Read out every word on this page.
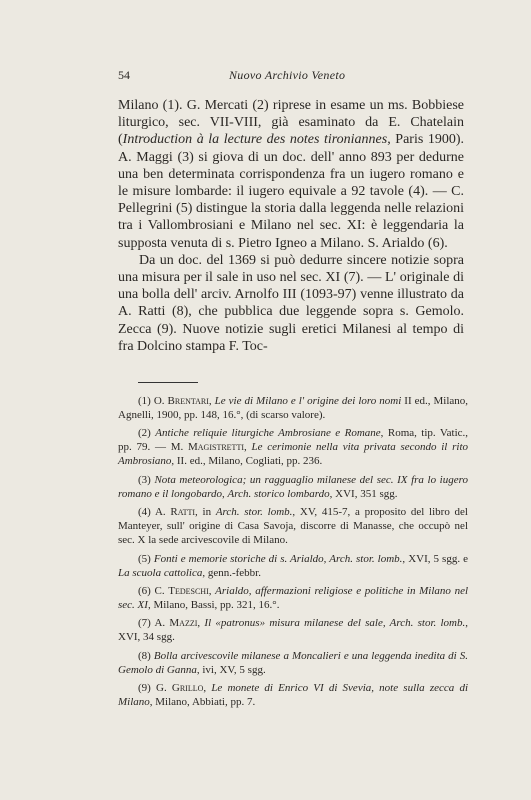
54	Nuovo Archivio Veneto

Milano (1). G. Mercati (2) riprese in esame un ms. Bobbiese liturgico, sec. VII-VIII, già esaminato da E. Chatelain (Introduction à la lecture des notes tironiannes, Paris 1900). A. Maggi (3) si giova di un doc. dell' anno 893 per dedurne una ben determinata corrispondenza fra un iugero romano e le misure lombarde: il iugero equivale a 92 tavole (4). — C. Pellegrini (5) distingue la storia dalla leggenda nelle relazioni tra i Vallombrosiani e Milano nel sec. XI: è leggendaria la supposta venuta di s. Pietro Igneo a Milano. S. Arialdo (6).

Da un doc. del 1369 si può dedurre sincere notizie sopra una misura per il sale in uso nel sec. XI (7). — L' originale di una bolla dell' arciv. Arnolfo III (1093-97) venne illustrato da A. Ratti (8), che pubblica due leggende sopra s. Gemolo. Zecca (9). Nuove notizie sugli eretici Milanesi al tempo di fra Dolcino stampa F. Toc-

(1) O. Brentari, Le vie di Milano e l' origine dei loro nomi II ed., Milano, Agnelli, 1900, pp. 148, 16.°, (di scarso valore).

(2) Antiche reliquie liturgiche Ambrosiane e Romane, Roma, tip. Vatic., pp. 79. — M. Magistretti, Le cerimonie nella vita privata secondo il rito Ambrosiano, II. ed., Milano, Cogliati, pp. 236.

(3) Nota meteorologica; un ragguaglio milanese del sec. IX fra lo iugero romano e il longobardo, Arch. storico lombardo, XVI, 351 sgg.

(4) A. Ratti, in Arch. stor. lomb., XV, 415-7, a proposito del libro del Manteyer, sull' origine di Casa Savoja, discorre di Manasse, che occupò nel sec. X la sede arcivescovile di Milano.

(5) Fonti e memorie storiche di s. Arialdo, Arch. stor. lomb., XVI, 5 sgg. e La scuola cattolica, genn.-febbr.

(6) C. Tedeschi, Arialdo, affermazioni religiose e politiche in Milano nel sec. XI, Milano, Bassi, pp. 321, 16.°.

(7) A. Mazzi, Il «patronus» misura milanese del sale, Arch. stor. lomb., XVI, 34 sgg.

(8) Bolla arcivescovile milanese a Moncalieri e una leggenda inedita di S. Gemolo di Ganna, ivi, XV, 5 sgg.

(9) G. Grillo, Le monete di Enrico VI di Svevia, note sulla zecca di Milano, Milano, Abbiati, pp. 7.
